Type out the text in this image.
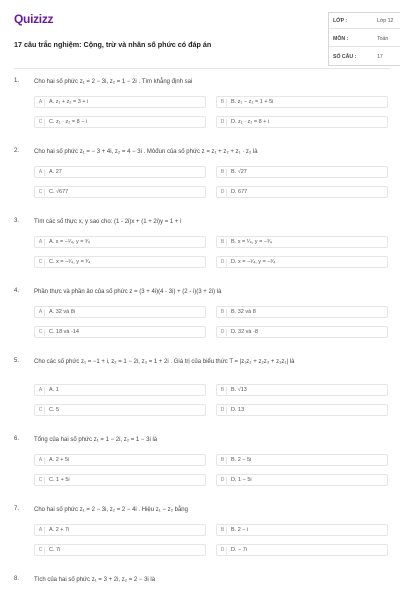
Quizizz
17 câu trắc nghiệm: Cộng, trừ và nhân số phức có đáp án
LỚP :	Lớp 12
MÔN :	Toán
SỐ CÂU :	17
1. Cho hai số phức z₁ = 2 − 3i, z₂ = 1 − 2i . Tìm khẳng định sai
A	A. z₁ + z₂ = 3 + i	B	B. z₁ − z₂ = 1 + 5i
C	C. z₁ · z₂ = 8 − i	D	D. z₁ · z₂ = 8 + i
2. Cho hai số phức z₁ = − 3 + 4i, z₂ = 4 − 3i . Môđun của số phức z = z₁ + z₂ + z₁ · z₂ là
A	A. 27	B	B. √27
C	C. √677	D	D. 677
3. Tìm các số thực x, y sao cho: (1 - 2i)x + (1 + 2i)y = 1 + i
A	A. x = −¹⁄₄, y = ³⁄₄	B	B. x = ¹⁄₄, y = −³⁄₄
C	C. x = −¹⁄₄, y = ³⁄₄	D	D. x = −¹⁄₄, y = −³⁄₄
4. Phần thực và phần ảo của số phức z = (3 + 4i)(4 - 3i) + (2 - i)(3 + 2i) là
A	A. 32 và 8i	B	B. 32 và 8
C	C. 18 và -14	D	D. 32 và -8
5. Cho các số phức z₁ = −1 + i, z₂ = 1 − 2i, z₃ = 1 + 2i . Giá trị của biểu thức T = |z₁z₂ + z₂z₃ + z₃z₁| là
A	A. 1	B	B. √13
C	C. 5	D	D. 13
6. Tổng của hai số phức z₁ = 1 − 2i, z₂ = 1 − 3i là
A	A. 2 + 5i	B	B. 2 − 5i
C	C. 1 + 5i	D	D. 1 − 5i
7. Cho hai số phức z₁ = 2 − 3i, z₂ = 2 − 4i . Hiệu z₁ − z₂ bằng
A	A. 2 + 7i	B	B. 2 − i
C	C. 7i	D	D. − 7i
8. Tích của hai số phức z₁ = 3 + 2i, z₂ = 2 − 3i là
